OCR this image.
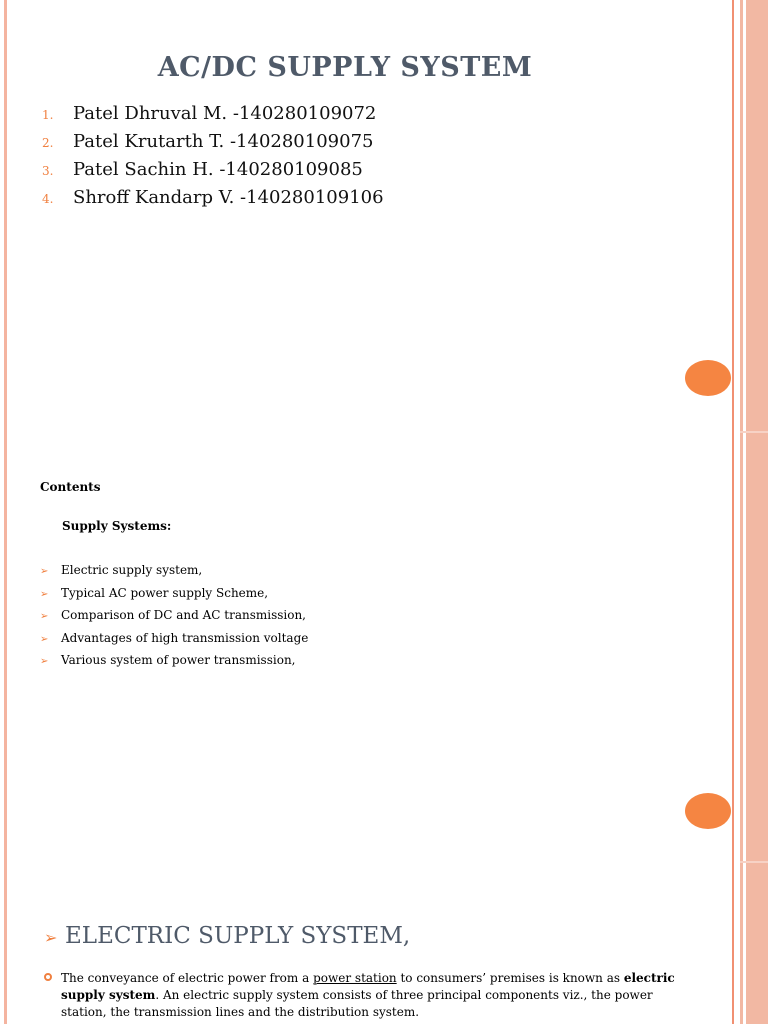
AC/DC SUPPLY SYSTEM
1.	Patel Dhruval M. -140280109072
2.	Patel Krutarth T. -140280109075
3.	Patel Sachin H. -140280109085
4.	Shroff Kandarp V. -140280109106
Contents
Supply Systems:
➢	Electric supply system,
➢	Typical AC power supply Scheme,
➢	Comparison of DC and AC transmission,
➢	Advantages of high transmission voltage
➢	Various system of power transmission,
➢ ELECTRIC SUPPLY SYSTEM,

The conveyance of electric power from a power station to consumers’ premises is known as electric supply system. An electric supply system consists of three principal components viz., the power station, the transmission lines and the distribution system.
